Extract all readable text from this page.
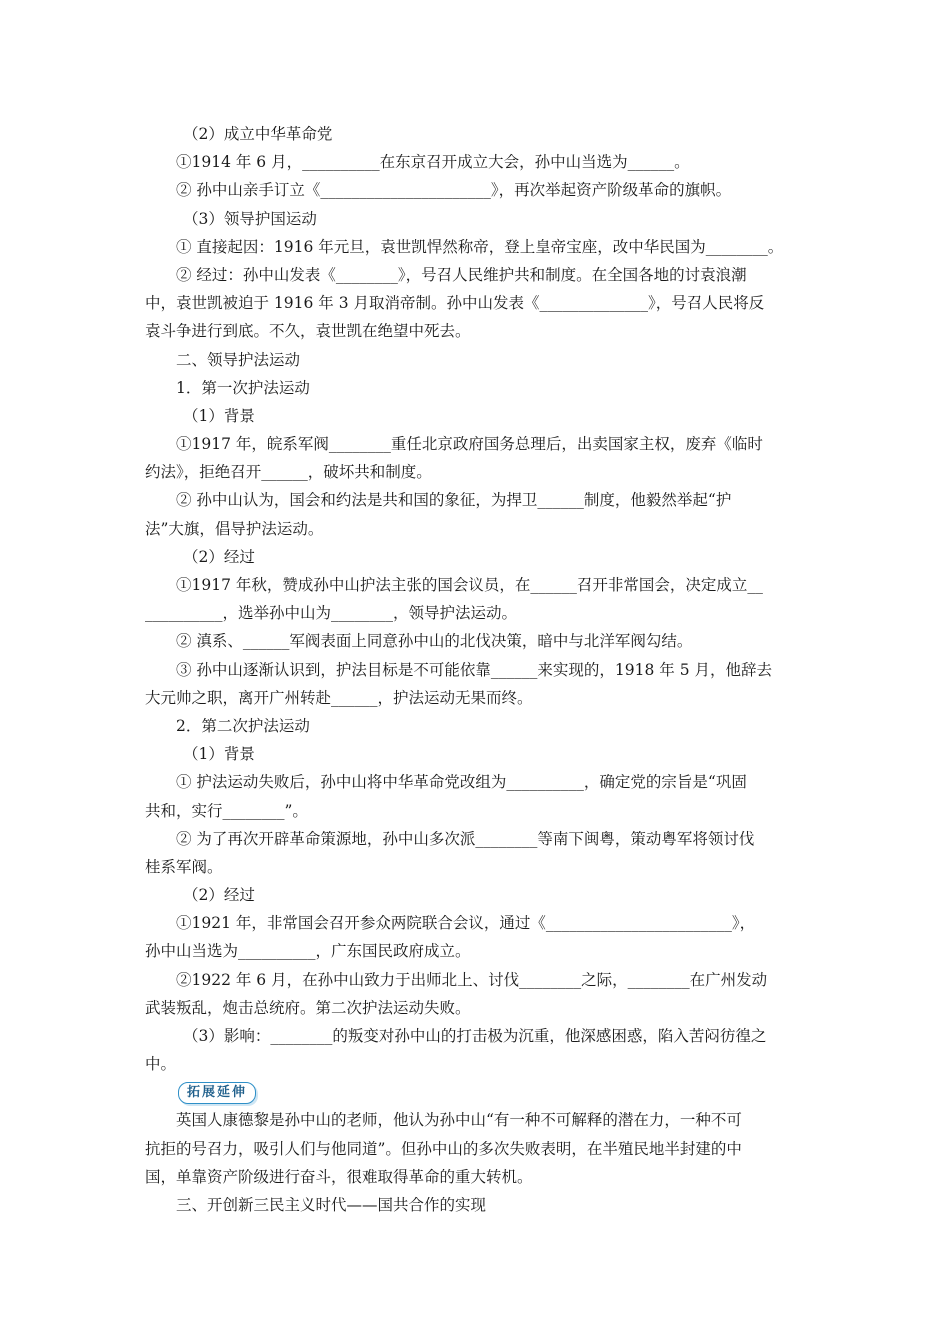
（2）成立中华革命党
①1914 年 6 月，__________在东京召开成立大会，孙中山当选为______。
② 孙中山亲手订立《______________________》，再次举起资产阶级革命的旗帜。
（3）领导护国运动
① 直接起因：1916 年元旦，袁世凯悍然称帝，登上皇帝宝座，改中华民国为________。
② 经过：孙中山发表《________》，号召人民维护共和制度。在全国各地的讨袁浪潮
中，袁世凯被迫于 1916 年 3 月取消帝制。孙中山发表《______________》，号召人民将反
袁斗争进行到底。不久，袁世凯在绝望中死去。
二、领导护法运动
1．第一次护法运动
（1）背景
①1917 年，皖系军阀________重任北京政府国务总理后，出卖国家主权，废弃《临时
约法》，拒绝召开______，破坏共和制度。
② 孙中山认为，国会和约法是共和国的象征，为捍卫______制度，他毅然举起“护
法”大旗，倡导护法运动。
（2）经过
①1917 年秋，赞成孙中山护法主张的国会议员，在______召开非常国会，决定成立__
__________，选举孙中山为________，领导护法运动。
② 滇系、______军阀表面上同意孙中山的北伐决策，暗中与北洋军阀勾结。
③ 孙中山逐渐认识到，护法目标是不可能依靠______来实现的，1918 年 5 月，他辞去
大元帅之职，离开广州转赴______，护法运动无果而终。
2．第二次护法运动
（1）背景
① 护法运动失败后，孙中山将中华革命党改组为__________，确定党的宗旨是“巩固
共和，实行________”。
② 为了再次开辟革命策源地，孙中山多次派________等南下闽粤，策动粤军将领讨伐
桂系军阀。
（2）经过
①1921 年，非常国会召开参众两院联合会议，通过《________________________》，
孙中山当选为__________，广东国民政府成立。
②1922 年 6 月，在孙中山致力于出师北上、讨伐________之际，________在广州发动
武装叛乱，炮击总统府。第二次护法运动失败。
（3）影响：________的叛变对孙中山的打击极为沉重，他深感困惑，陷入苦闷彷徨之
中。
拓展延伸
英国人康德黎是孙中山的老师，他认为孙中山“有一种不可解释的潜在力，一种不可
抗拒的号召力，吸引人们与他同道”。但孙中山的多次失败表明，在半殖民地半封建的中
国，单靠资产阶级进行奋斗，很难取得革命的重大转机。
三、开创新三民主义时代——国共合作的实现
